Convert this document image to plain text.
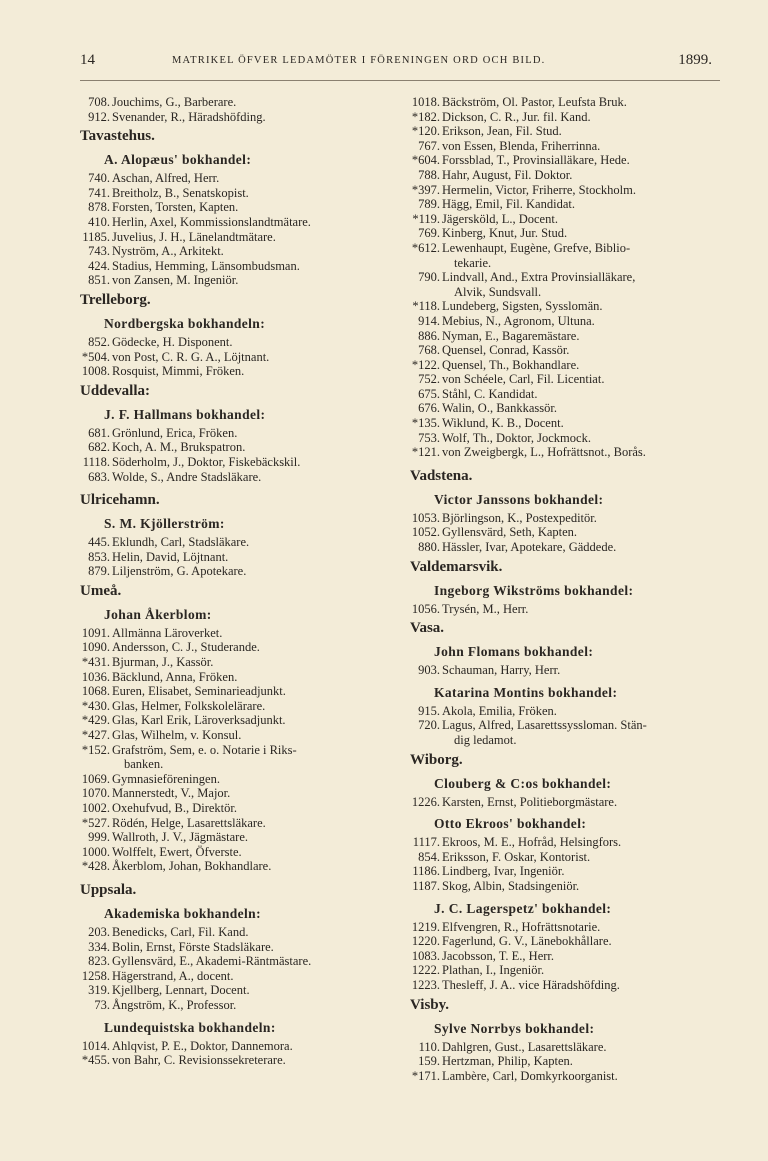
14	MATRIKEL ÖFVER LEDAMÖTER I FÖRENINGEN ORD OCH BILD.	1899.
708. Jouchims, G., Barberare.
912. Svenander, R., Häradshöfding.
Tavastehus.
A. Alopæus' bokhandel:
740. Aschan, Alfred, Herr.
741. Breitholz, B., Senatskopist.
878. Forsten, Torsten, Kapten.
410. Herlin, Axel, Kommissionslandtmätare.
1185. Juvelius, J. H., Länelandtmätare.
743. Nyström, A., Arkitekt.
424. Stadius, Hemming, Länsombudsman.
851. von Zansen, M. Ingeniör.
Trelleborg.
Nordbergska bokhandeln:
852. Gödecke, H. Disponent.
*504. von Post, C. R. G. A., Löjtnant.
1008. Rosquist, Mimmi, Fröken.
Uddevalla:
J. F. Hallmans bokhandel:
681. Grönlund, Erica, Fröken.
682. Koch, A. M., Brukspatron.
1118. Söderholm, J., Doktor, Fiskebäckskil.
683. Wolde, S., Andre Stadsläkare.
Ulricehamn.
S. M. Kjöllerström:
445. Eklundh, Carl, Stadsläkare.
853. Helin, David, Löjtnant.
879. Liljenström, G. Apotekare.
Umeå.
Johan Åkerblom:
1091. Allmänna Läroverket.
1090. Andersson, C. J., Studerande.
*431. Bjurman, J., Kassör.
1036. Bäcklund, Anna, Fröken.
1068. Euren, Elisabet, Seminarieadjunkt.
*430. Glas, Helmer, Folkskolelärare.
*429. Glas, Karl Erik, Läroverksadjunkt.
*427. Glas, Wilhelm, v. Konsul.
*152. Grafström, Sem, e. o. Notarie i Riks-
banken.
1069. Gymnasieföreningen.
1070. Mannerstedt, V., Major.
1002. Oxehufvud, B., Direktör.
*527. Rödén, Helge, Lasarettsläkare.
999. Wallroth, J. V., Jägmästare.
1000. Wolffelt, Ewert, Öfverste.
*428. Åkerblom, Johan, Bokhandlare.
Uppsala.
Akademiska bokhandeln:
203. Benedicks, Carl, Fil. Kand.
334. Bolin, Ernst, Förste Stadsläkare.
823. Gyllensvärd, E., Akademi-Räntmästare.
1258. Hägerstrand, A., docent.
319. Kjellberg, Lennart, Docent.
73. Ångström, K., Professor.
Lundequistska bokhandeln:
1014. Ahlqvist, P. E., Doktor, Dannemora.
*455. von Bahr, C. Revisionssekreterare.
1018. Bäckström, Ol. Pastor, Leufsta Bruk.
*182. Dickson, C. R., Jur. fil. Kand.
*120. Erikson, Jean, Fil. Stud.
767. von Essen, Blenda, Friherrinna.
*604. Forssblad, T., Provinsialläkare, Hede.
788. Hahr, August, Fil. Doktor.
*397. Hermelin, Victor, Friherre, Stockholm.
789. Hägg, Emil, Fil. Kandidat.
*119. Jägersköld, L., Docent.
769. Kinberg, Knut, Jur. Stud.
*612. Lewenhaupt, Eugène, Grefve, Biblio-
tekarie.
790. Lindvall, And., Extra Provinsialläkare,
Alvik, Sundsvall.
*118. Lundeberg, Sigsten, Sysslomän.
914. Mebius, N., Agronom, Ultuna.
886. Nyman, E., Bagaremästare.
768. Quensel, Conrad, Kassör.
*122. Quensel, Th., Bokhandlare.
752. von Schéele, Carl, Fil. Licentiat.
675. Ståhl, C. Kandidat.
676. Walin, O., Bankkassör.
*135. Wiklund, K. B., Docent.
753. Wolf, Th., Doktor, Jockmock.
*121. von Zweigbergk, L., Hofrättsnot., Borås.
Vadstena.
Victor Janssons bokhandel:
1053. Björlingson, K., Postexpeditör.
1052. Gyllensvärd, Seth, Kapten.
880. Hässler, Ivar, Apotekare, Gäddede.
Valdemarsvik.
Ingeborg Wikströms bokhandel:
1056. Trysén, M., Herr.
Vasa.
John Flomans bokhandel:
903. Schauman, Harry, Herr.
Katarina Montins bokhandel:
915. Akola, Emilia, Fröken.
720. Lagus, Alfred, Lasarettssyssloman. Stän-
dig ledamot.
Wiborg.
Clouberg & C:os bokhandel:
1226. Karsten, Ernst, Politieborgmästare.
Otto Ekroos' bokhandel:
1117. Ekroos, M. E., Hofråd, Helsingfors.
854. Eriksson, F. Oskar, Kontorist.
1186. Lindberg, Ivar, Ingeniör.
1187. Skog, Albin, Stadsingeniör.
J. C. Lagerspetz' bokhandel:
1219. Elfvengren, R., Hofrättsnotarie.
1220. Fagerlund, G. V., Länebokhållare.
1083. Jacobsson, T. E., Herr.
1222. Plathan, I., Ingeniör.
1223. Thesleff, J. A.. vice Häradshöfding.
Visby.
Sylve Norrbys bokhandel:
110. Dahlgren, Gust., Lasarettsläkare.
159. Hertzman, Philip, Kapten.
*171. Lambère, Carl, Domkyrkoorganist.
